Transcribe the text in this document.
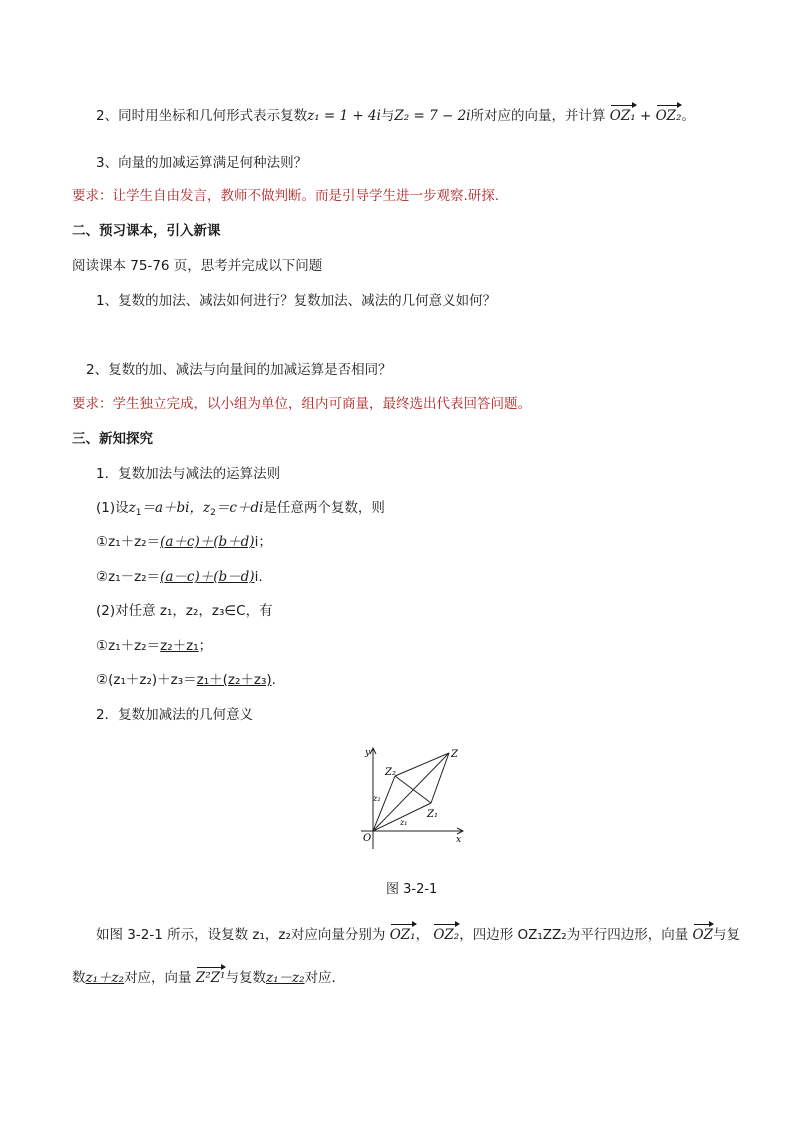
2、同时用坐标和几何形式表示复数z₁ = 1 + 4i与Z₂ = 7 − 2i所对应的向量，并计算 OZ₁ + OZ₂。
3、向量的加减运算满足何种法则？
要求：让学生自由发言，教师不做判断。而是引导学生进一步观察.研探.
二、预习课本，引入新课
阅读课本 75-76 页，思考并完成以下问题
1、复数的加法、减法如何进行？复数加法、减法的几何意义如何？
2、复数的加、减法与向量间的加减运算是否相同？
要求：学生独立完成，以小组为单位，组内可商量，最终选出代表回答问题。
三、新知探究
1．复数加法与减法的运算法则
(1)设$z_1=a+bi$，$z_2=c+di$是任意两个复数，则
①z₁＋z₂＝(a＋c)＋(b＋d)i；
②z₁－z₂＝(a－c)＋(b－d)i.
(2)对任意 z₁，z₂，z₃∈C，有
①z₁＋z₂＝z₂＋z₁；
②(z₁＋z₂)＋z₃＝z₁＋(z₂＋z₃).
2．复数加减法的几何意义
y
x
O
Z
Z₁
Z₂
z₁
z₂
图 3-2-1
如图 3-2-1 所示，设复数 z₁，z₂对应向量分别为 OZ₁， OZ₂，四边形 OZ₁ZZ₂为平行四边形，向量 OZ与复
数z₁＋z₂对应，向量 Z²Z¹与复数z₁－z₂对应．
